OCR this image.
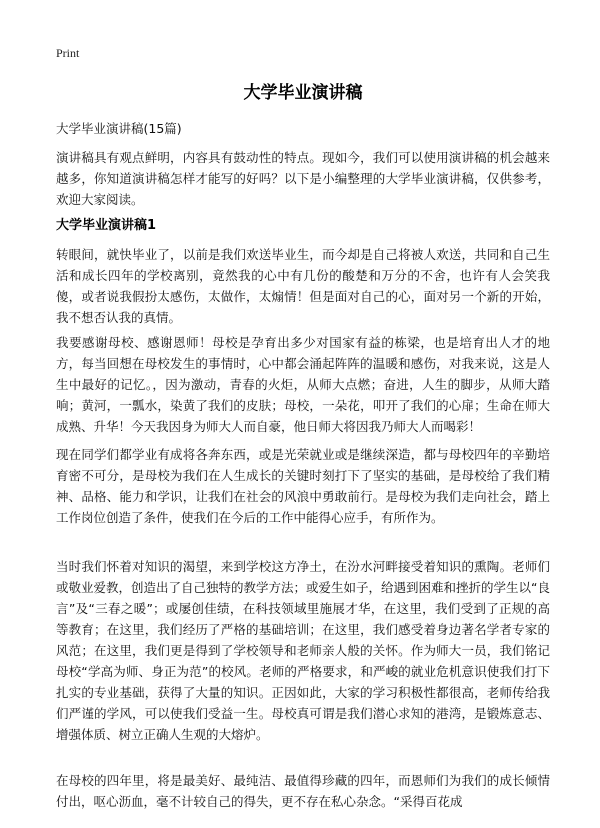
Print
大学毕业演讲稿
大学毕业演讲稿(15篇)

演讲稿具有观点鲜明，内容具有鼓动性的特点。现如今，我们可以使用演讲稿的机会越来越多，你知道演讲稿怎样才能写的好吗？以下是小编整理的大学毕业演讲稿，仅供参考，欢迎大家阅读。

大学毕业演讲稿1

转眼间，就快毕业了，以前是我们欢送毕业生，而今却是自己将被人欢送，共同和自己生活和成长四年的学校离别，竟然我的心中有几份的酸楚和万分的不舍，也许有人会笑我傻，或者说我假扮太感伤，太做作，太煽情！但是面对自己的心，面对另一个新的开始，我不想否认我的真情。

我要感谢母校、感谢恩师！母校是孕育出多少对国家有益的栋梁，也是培育出人才的地方，每当回想在母校发生的事情时，心中都会涌起阵阵的温暖和感伤，对我来说，这是人生中最好的记忆。，因为激动，青春的火炬，从师大点燃；奋进，人生的脚步，从师大踏响；黄河，一瓢水，染黄了我们的皮肤；母校，一朵花，叩开了我们的心扉；生命在师大成熟、升华！今天我因身为师大人而自豪，他日师大将因我乃师大人而喝彩！

现在同学们都学业有成将各奔东西，或是光荣就业或是继续深造，都与母校四年的辛勤培育密不可分，是母校为我们在人生成长的关键时刻打下了坚实的基础，是母校给了我们精神、品格、能力和学识，让我们在社会的风浪中勇敢前行。是母校为我们走向社会，踏上工作岗位创造了条件，使我们在今后的工作中能得心应手，有所作为。

当时我们怀着对知识的渴望，来到学校这方净土，在汾水河畔接受着知识的熏陶。老师们或敬业爱教，创造出了自己独特的教学方法；或爱生如子，给遇到困难和挫折的学生以“良言”及“三春之暖”；或屡创佳绩，在科技领域里施展才华，在这里，我们受到了正规的高等教育；在这里，我们经历了严格的基础培训；在这里，我们感受着身边著名学者专家的风范；在这里，我们更是得到了学校领导和老师亲人般的关怀。作为师大一员，我们铭记母校“学高为师、身正为范”的校风。老师的严格要求，和严峻的就业危机意识使我们打下扎实的专业基础，获得了大量的知识。正因如此，大家的学习积极性都很高，老师传给我们严谨的学风，可以使我们受益一生。母校真可谓是我们潜心求知的港湾，是锻炼意志、增强体质、树立正确人生观的大熔炉。

在母校的四年里，将是最美好、最纯洁、最值得珍藏的四年，而恩师们为我们的成长倾情付出，呕心沥血，毫不计较自己的得失，更不存在私心杂念。“采得百花成
